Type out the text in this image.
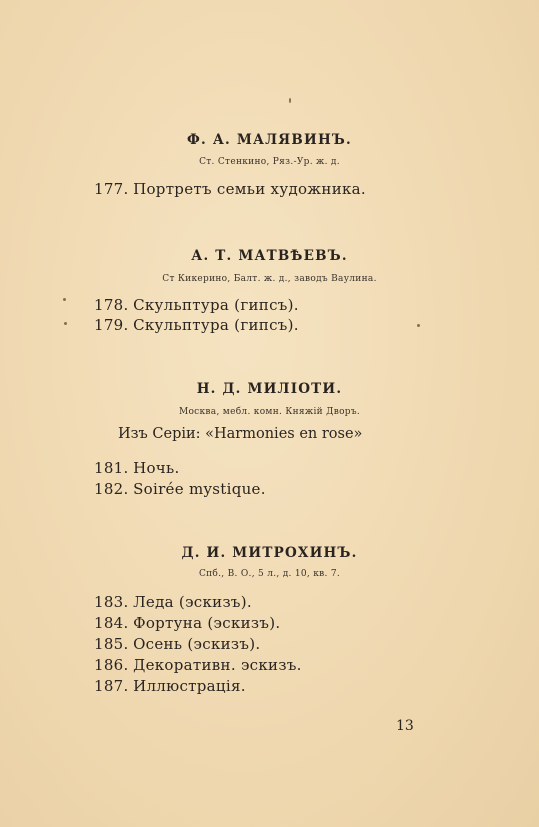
Ф. А. МАЛЯВИНЪ.
Ст. Стенкино, Ряз.-Ур. ж. д.
177. Портретъ семьи художника.
А. Т. МАТВѢЕВЪ.
Ст Кикерино, Балт. ж. д., заводъ Ваулина.
178. Скульптура (гипсъ).
179. Скульптура (гипсъ).
Н. Д. МИЛІОТИ.
Москва, мебл. комн. Княжій Дворъ.
Изъ Серіи: «Harmonies en rose»
181. Ночь.
182. Soirée mystique.
Д. И. МИТРОХИНЪ.
Спб., В. О., 5 л., д. 10, кв. 7.
183. Леда (эскизъ).
184. Фортуна (эскизъ).
185. Осень (эскизъ).
186. Декоративн. эскизъ.
187. Иллюстрація.
13
